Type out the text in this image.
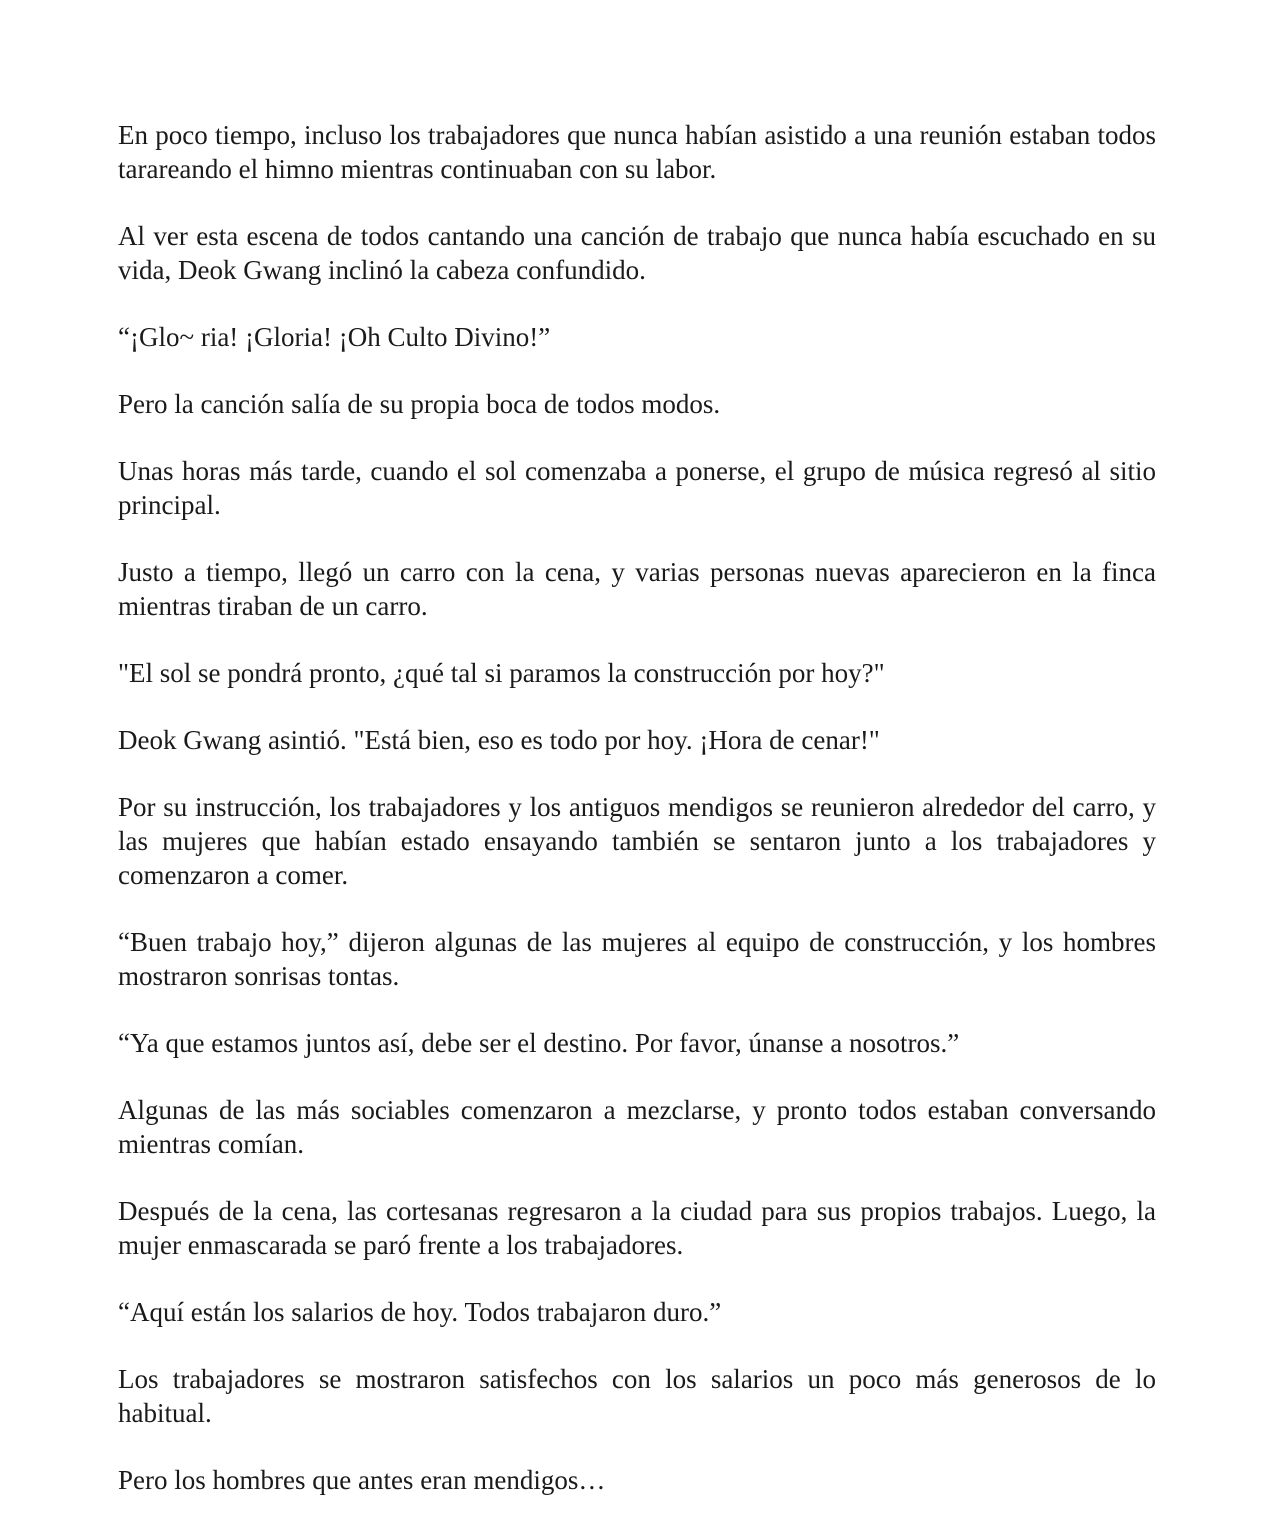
En poco tiempo, incluso los trabajadores que nunca habían asistido a una reunión estaban todos tarareando el himno mientras continuaban con su labor.

Al ver esta escena de todos cantando una canción de trabajo que nunca había escuchado en su vida, Deok Gwang inclinó la cabeza confundido.

“¡Glo~ ria! ¡Gloria! ¡Oh Culto Divino!”

Pero la canción salía de su propia boca de todos modos.

Unas horas más tarde, cuando el sol comenzaba a ponerse, el grupo de música regresó al sitio principal.

Justo a tiempo, llegó un carro con la cena, y varias personas nuevas aparecieron en la finca mientras tiraban de un carro.

"El sol se pondrá pronto, ¿qué tal si paramos la construcción por hoy?"

Deok Gwang asintió. "Está bien, eso es todo por hoy. ¡Hora de cenar!"

Por su instrucción, los trabajadores y los antiguos mendigos se reunieron alrededor del carro, y las mujeres que habían estado ensayando también se sentaron junto a los trabajadores y comenzaron a comer.

“Buen trabajo hoy,” dijeron algunas de las mujeres al equipo de construcción, y los hombres mostraron sonrisas tontas.

“Ya que estamos juntos así, debe ser el destino. Por favor, únanse a nosotros.”

Algunas de las más sociables comenzaron a mezclarse, y pronto todos estaban conversando mientras comían.

Después de la cena, las cortesanas regresaron a la ciudad para sus propios trabajos. Luego, la mujer enmascarada se paró frente a los trabajadores.

“Aquí están los salarios de hoy. Todos trabajaron duro.”

Los trabajadores se mostraron satisfechos con los salarios un poco más generosos de lo habitual.

Pero los hombres que antes eran mendigos…
